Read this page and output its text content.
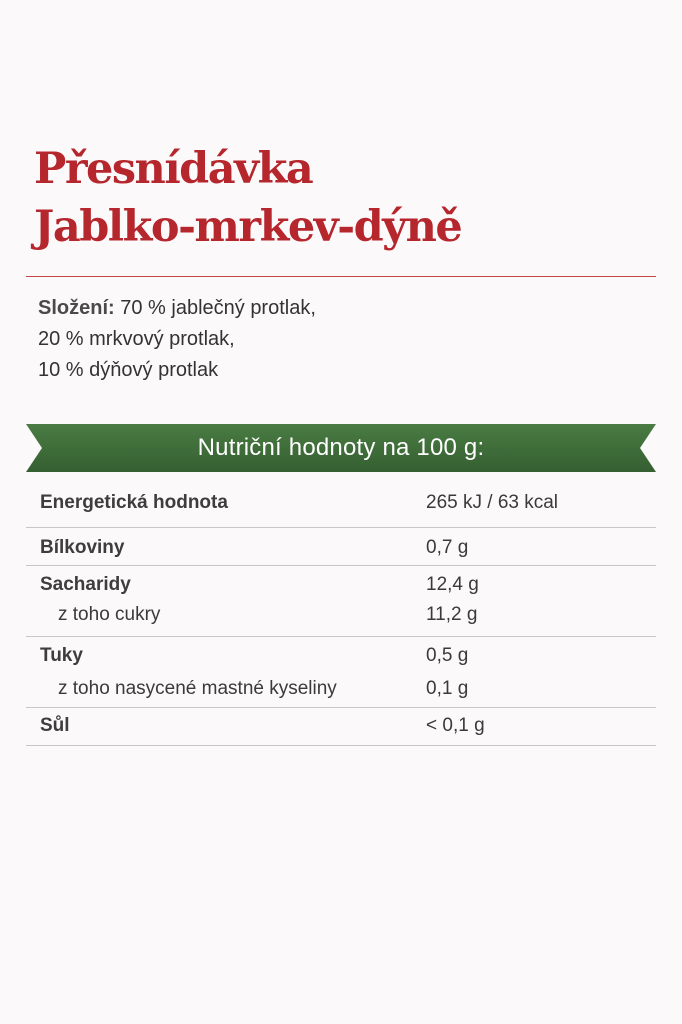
Přesnídávka
Jablko-mrkev-dýně
Složení: 70 % jablečný protlak,
20 % mrkvový protlak,
10 % dýňový protlak
Nutriční hodnoty na 100 g:
Energetická hodnota	265 kJ / 63 kcal
Bílkoviny	0,7 g
Sacharidy	12,4 g
z toho cukry	11,2 g
Tuky	0,5 g
z toho nasycené mastné kyseliny	0,1 g
Sůl	< 0,1 g
